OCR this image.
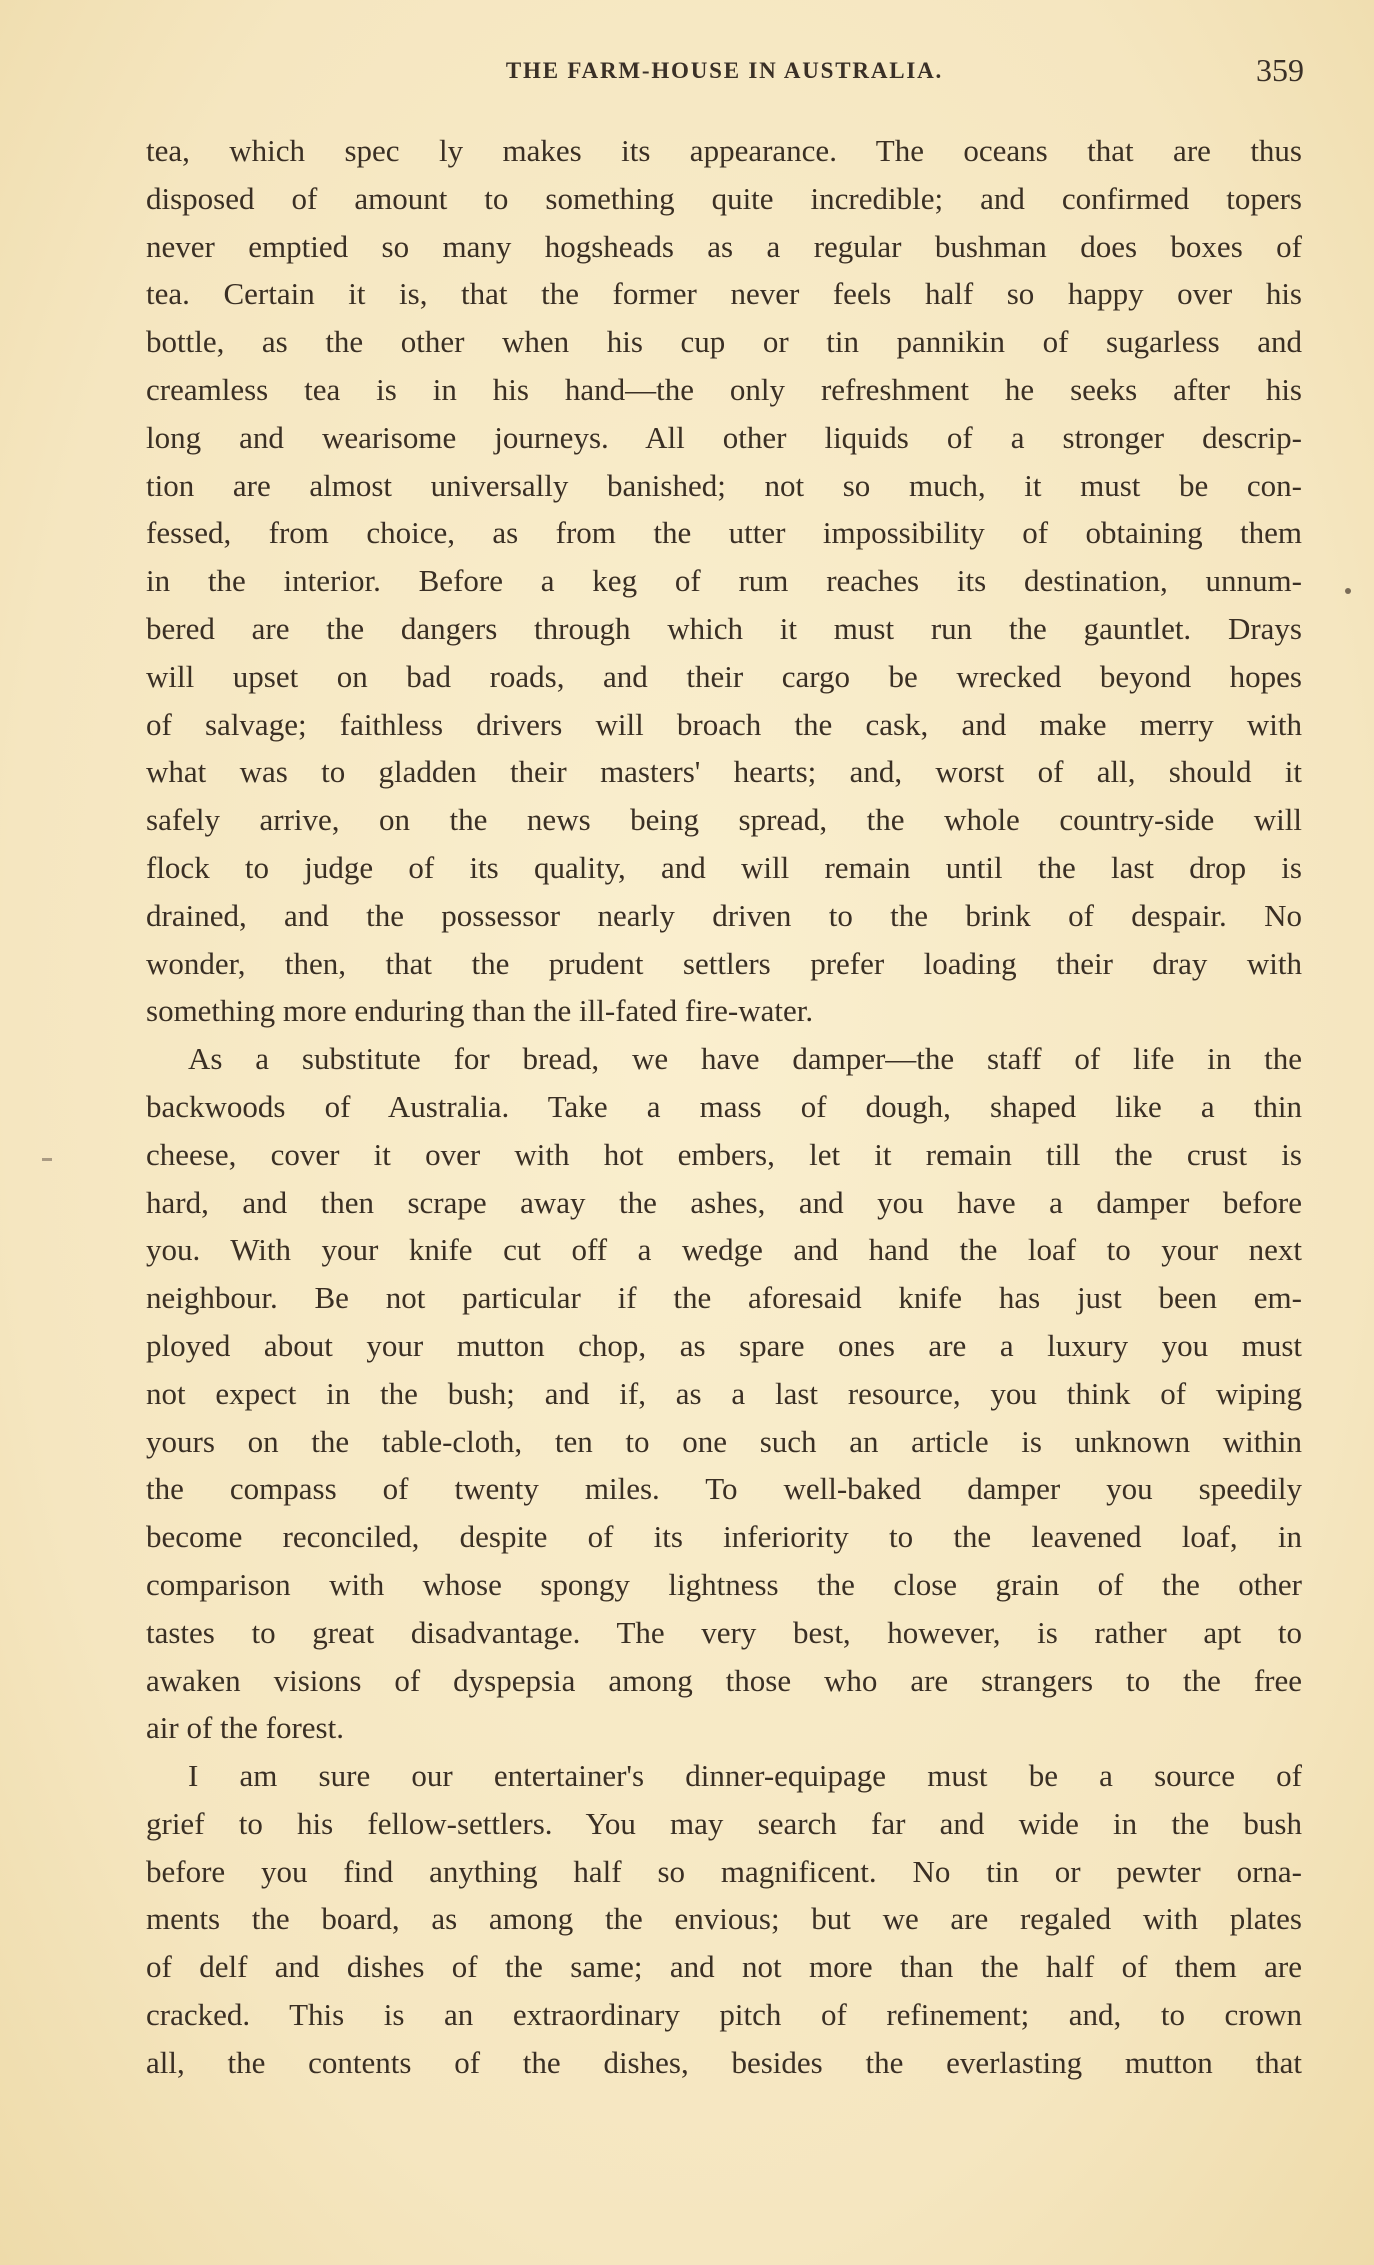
THE FARM-HOUSE IN AUSTRALIA.	359
tea, which spec ly makes its appearance. The oceans that are thus
disposed of amount to something quite incredible; and confirmed topers
never emptied so many hogsheads as a regular bushman does boxes of
tea. Certain it is, that the former never feels half so happy over his
bottle, as the other when his cup or tin pannikin of sugarless and
creamless tea is in his hand—the only refreshment he seeks after his
long and wearisome journeys. All other liquids of a stronger descrip-
tion are almost universally banished; not so much, it must be con-
fessed, from choice, as from the utter impossibility of obtaining them
in the interior. Before a keg of rum reaches its destination, unnum-
bered are the dangers through which it must run the gauntlet. Drays
will upset on bad roads, and their cargo be wrecked beyond hopes
of salvage; faithless drivers will broach the cask, and make merry with
what was to gladden their masters' hearts; and, worst of all, should it
safely arrive, on the news being spread, the whole country-side will
flock to judge of its quality, and will remain until the last drop is
drained, and the possessor nearly driven to the brink of despair. No
wonder, then, that the prudent settlers prefer loading their dray with
something more enduring than the ill-fated fire-water.
As a substitute for bread, we have damper—the staff of life in the
backwoods of Australia. Take a mass of dough, shaped like a thin
cheese, cover it over with hot embers, let it remain till the crust is
hard, and then scrape away the ashes, and you have a damper before
you. With your knife cut off a wedge and hand the loaf to your next
neighbour. Be not particular if the aforesaid knife has just been em-
ployed about your mutton chop, as spare ones are a luxury you must
not expect in the bush; and if, as a last resource, you think of wiping
yours on the table-cloth, ten to one such an article is unknown within
the compass of twenty miles. To well-baked damper you speedily
become reconciled, despite of its inferiority to the leavened loaf, in
comparison with whose spongy lightness the close grain of the other
tastes to great disadvantage. The very best, however, is rather apt to
awaken visions of dyspepsia among those who are strangers to the free
air of the forest.
I am sure our entertainer's dinner-equipage must be a source of
grief to his fellow-settlers. You may search far and wide in the bush
before you find anything half so magnificent. No tin or pewter orna-
ments the board, as among the envious; but we are regaled with plates
of delf and dishes of the same; and not more than the half of them are
cracked. This is an extraordinary pitch of refinement; and, to crown
all, the contents of the dishes, besides the everlasting mutton that
